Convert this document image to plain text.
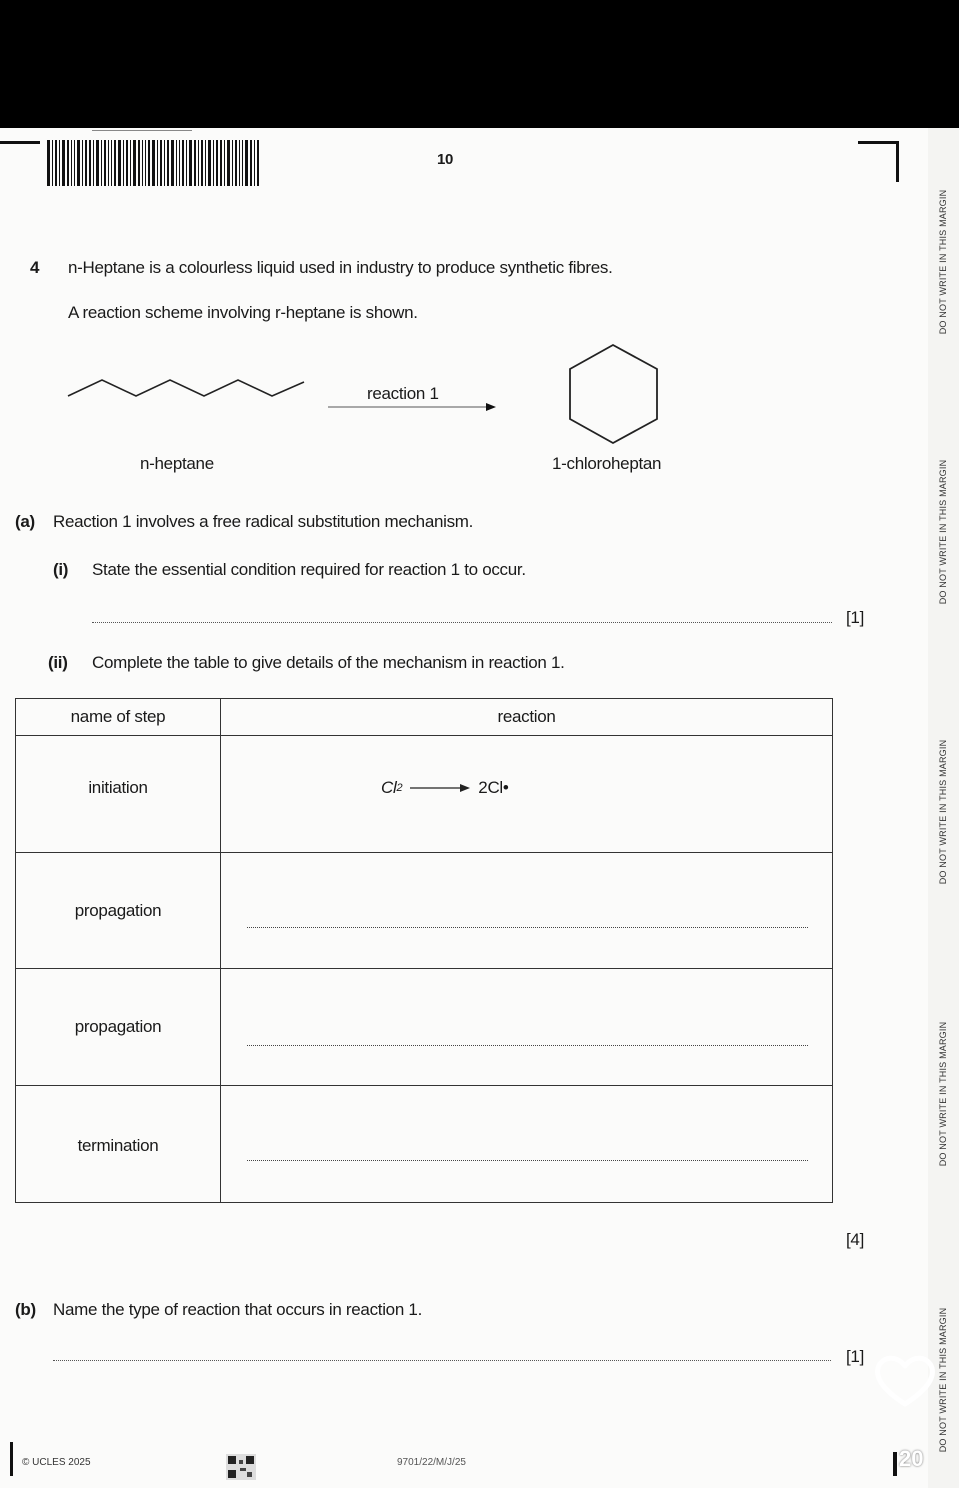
DO NOT WRITE IN THIS MARGIN
DO NOT WRITE IN THIS MARGIN
DO NOT WRITE IN THIS MARGIN
DO NOT WRITE IN THIS MARGIN
DO NOT WRITE IN THIS MARGIN
10
4 n-Heptane is a colourless liquid used in industry to produce synthetic fibres.
A reaction scheme involving r-heptane is shown.
reaction 1
n-heptane	1-chloroheptan
(a) Reaction 1 involves a free radical substitution mechanism.
(i) State the essential condition required for reaction 1 to occur.
[1]
(ii) Complete the table to give details of the mechanism in reaction 1.
name of step	reaction
initiation	Cl 2 2Cl•

propagation	

propagation	

termination	
[4]
(b) Name the type of reaction that occurs in reaction 1.
[1]
© UCLES 2025	9701/22/M/J/25	20
